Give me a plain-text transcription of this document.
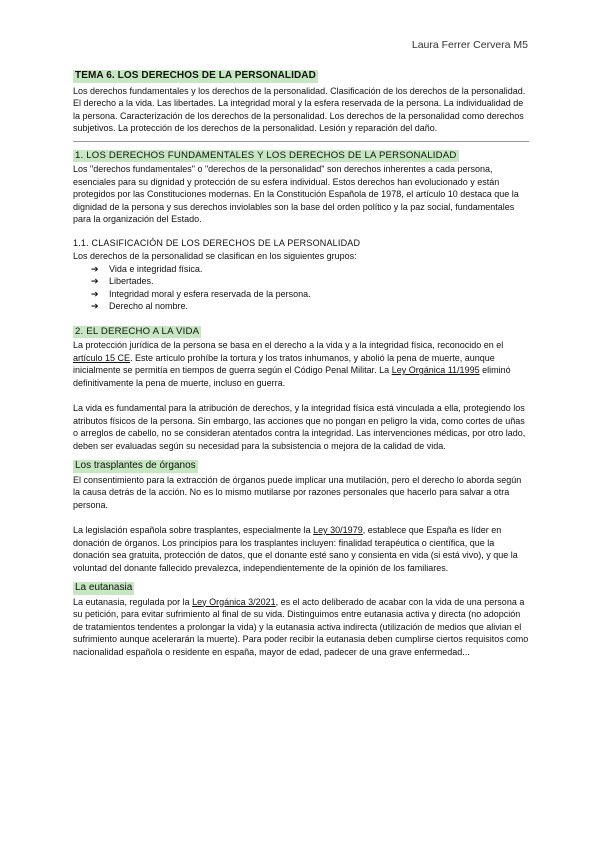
Laura Ferrer Cervera M5
TEMA 6. LOS DERECHOS DE LA PERSONALIDAD

Los derechos fundamentales y los derechos de la personalidad. Clasificación de los derechos de la personalidad. El derecho a la vida. Las libertades. La integridad moral y la esfera reservada de la persona. La individualidad de la persona. Caracterización de los derechos de la personalidad. Los derechos de la personalidad como derechos subjetivos. La protección de los derechos de la personalidad. Lesión y reparación del daño.

1. LOS DERECHOS FUNDAMENTALES Y LOS DERECHOS DE LA PERSONALIDAD

Los "derechos fundamentales" o "derechos de la personalidad" son derechos inherentes a cada persona, esenciales para su dignidad y protección de su esfera individual. Estos derechos han evolucionado y están protegidos por las Constituciones modernas. En la Constitución Española de 1978, el artículo 10 destaca que la dignidad de la persona y sus derechos inviolables son la base del orden político y la paz social, fundamentales para la organización del Estado.

1.1. CLASIFICACIÓN DE LOS DERECHOS DE LA PERSONALIDAD

Los derechos de la personalidad se clasifican en los siguientes grupos:

➔	Vida e integridad física.
➔	Libertades.
➔	Integridad moral y esfera reservada de la persona.
➔	Derecho al nombre.
2. EL DERECHO A LA VIDA

La protección jurídica de la persona se basa en el derecho a la vida y a la integridad física, reconocido en el artículo 15 CE. Este artículo prohíbe la tortura y los tratos inhumanos, y abolió la pena de muerte, aunque inicialmente se permitía en tiempos de guerra según el Código Penal Militar. La Ley Orgánica 11/1995 eliminó definitivamente la pena de muerte, incluso en guerra.

La vida es fundamental para la atribución de derechos, y la integridad física está vinculada a ella, protegiendo los atributos físicos de la persona. Sin embargo, las acciones que no pongan en peligro la vida, como cortes de uñas o arreglos de cabello, no se consideran atentados contra la integridad. Las intervenciones médicas, por otro lado, deben ser evaluadas según su necesidad para la subsistencia o mejora de la calidad de vida.

Los trasplantes de órganos

El consentimiento para la extracción de órganos puede implicar una mutilación, pero el derecho lo aborda según la causa detrás de la acción. No es lo mismo mutilarse por razones personales que hacerlo para salvar a otra persona.

La legislación española sobre trasplantes, especialmente la Ley 30/1979, establece que España es líder en donación de órganos. Los principios para los trasplantes incluyen: finalidad terapéutica o científica, que la donación sea gratuita, protección de datos, que el donante esté sano y consienta en vida (si está vivo), y que la voluntad del donante fallecido prevalezca, independientemente de la opinión de los familiares.

La eutanasia

La eutanasia, regulada por la Ley Orgánica 3/2021, es el acto deliberado de acabar con la vida de una persona a su petición, para evitar sufrimiento al final de su vida. Distinguimos entre eutanasia activa y directa (no adopción de tratamientos tendentes a prolongar la vida) y la eutanasia activa indirecta (utilización de medios que alivian el sufrimiento aunque acelerarán la muerte). Para poder recibir la eutanasia deben cumplirse ciertos requisitos como nacionalidad española o residente en españa, mayor de edad, padecer de una grave enfermedad...
